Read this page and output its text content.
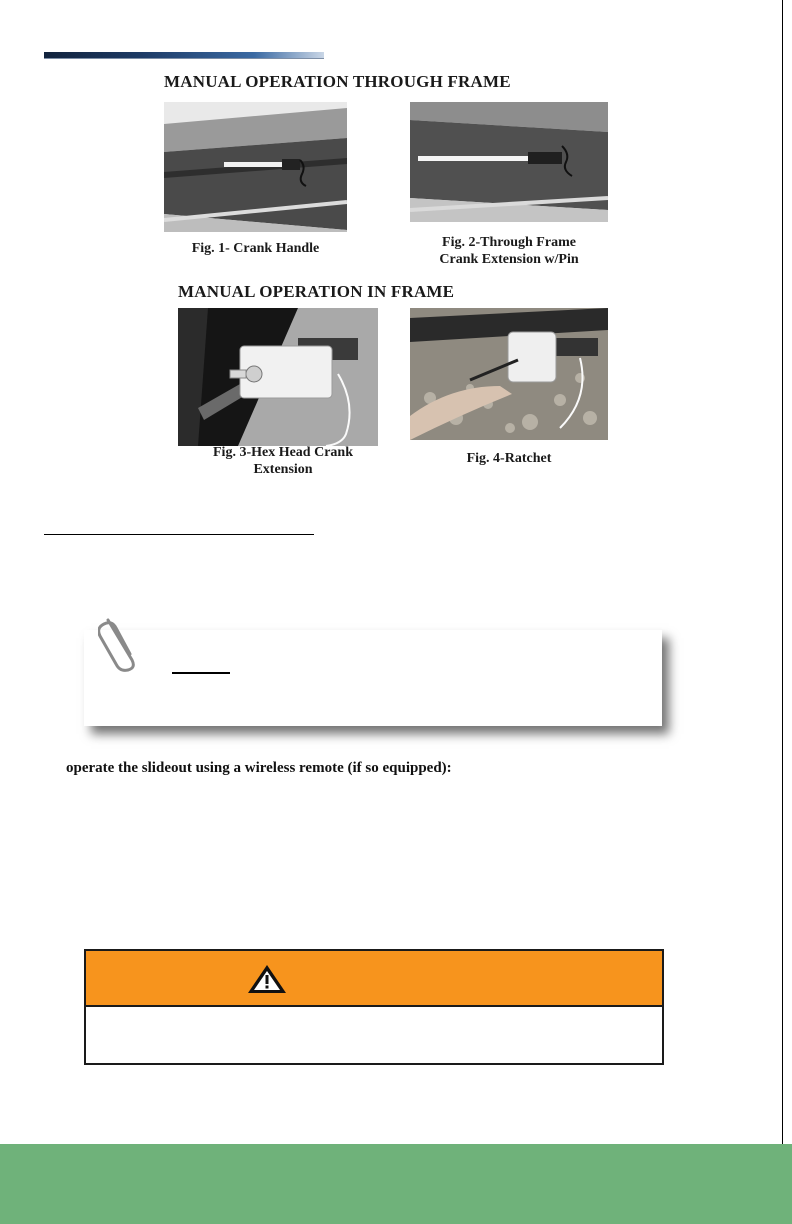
MANUAL OPERATION THROUGH FRAME
Fig. 1- Crank Handle	Fig. 2-Through Frame
Crank Extension w/Pin
MANUAL OPERATION IN FRAME
Fig. 3-Hex Head Crank
Extension
Fig. 4-Ratchet
operate the slideout using a wireless remote (if so equipped):
